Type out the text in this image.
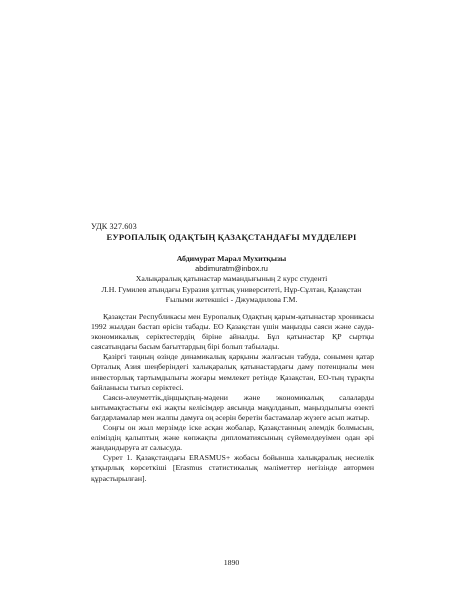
УДК 327.603
ЕУРОПАЛЫҚ ОДАҚТЫҢ ҚАЗАҚСТАНДАҒЫ МҮДДЕЛЕРІ
Абдимурат Марал Мухитқызы
abdimuratm@inbox.ru
Халықаралық қатынастар мамандығының 2 курс студенті
Л.Н. Гумилев атындағы Еуразия ұлттық университеті, Нұр-Сұлтан, Қазақстан
Ғылыми жетекшісі - Джумадилова Г.М.

Қазақстан Республикасы мен Еуропалық Одақтың қарым-қатынастар хроникасы 1992 жылдан бастап өрісін табады. ЕО Қазақстан үшін маңызды саяси және сауда-экономикалық серіктестердің біріне айналды. Бұл қатынастар ҚР сыртқы саясатындағы басым бағыттардың бірі болып табылады.

Қазіргі таңның өзінде динамикалық қарқыны жалғасын табуда, сонымен қатар Орталық Азия шеңберіндегі халықаралық қатынастардағы даму потенциалы мен инвесторлық тартымдылығы жоғары мемлекет ретінде Қазақстан, ЕО-тың тұрақты байланысы тығыз серіктесі.

Саяси-әлеуметтік,діңщықтың-мәдени және экономикалық салаларды ынтымақтастығы екі жақты келісімдер аясында мақұлданып, маңыздылығы өзекті бағдарламалар мен жалпы дамуға оң әсерін беретін бастамалар жүзеге асып жатыр.

Соңғы он жыл мерзімде іске асқан жобалар, Қазақстанның әлемдік болмысын, еліміздің қалыптың және көпжақты дипломатиясының сүйемелдеуімен одан әрі жандандыруға ат салысуда.

Сурет 1. Қазақстандағы ERASMUS+ жобасы бойынша халықаралық несиелік ұтқырлық көрсеткіші [Erasmus статистикалық мәліметтер негізінде автормен құрастырылған].

1890
